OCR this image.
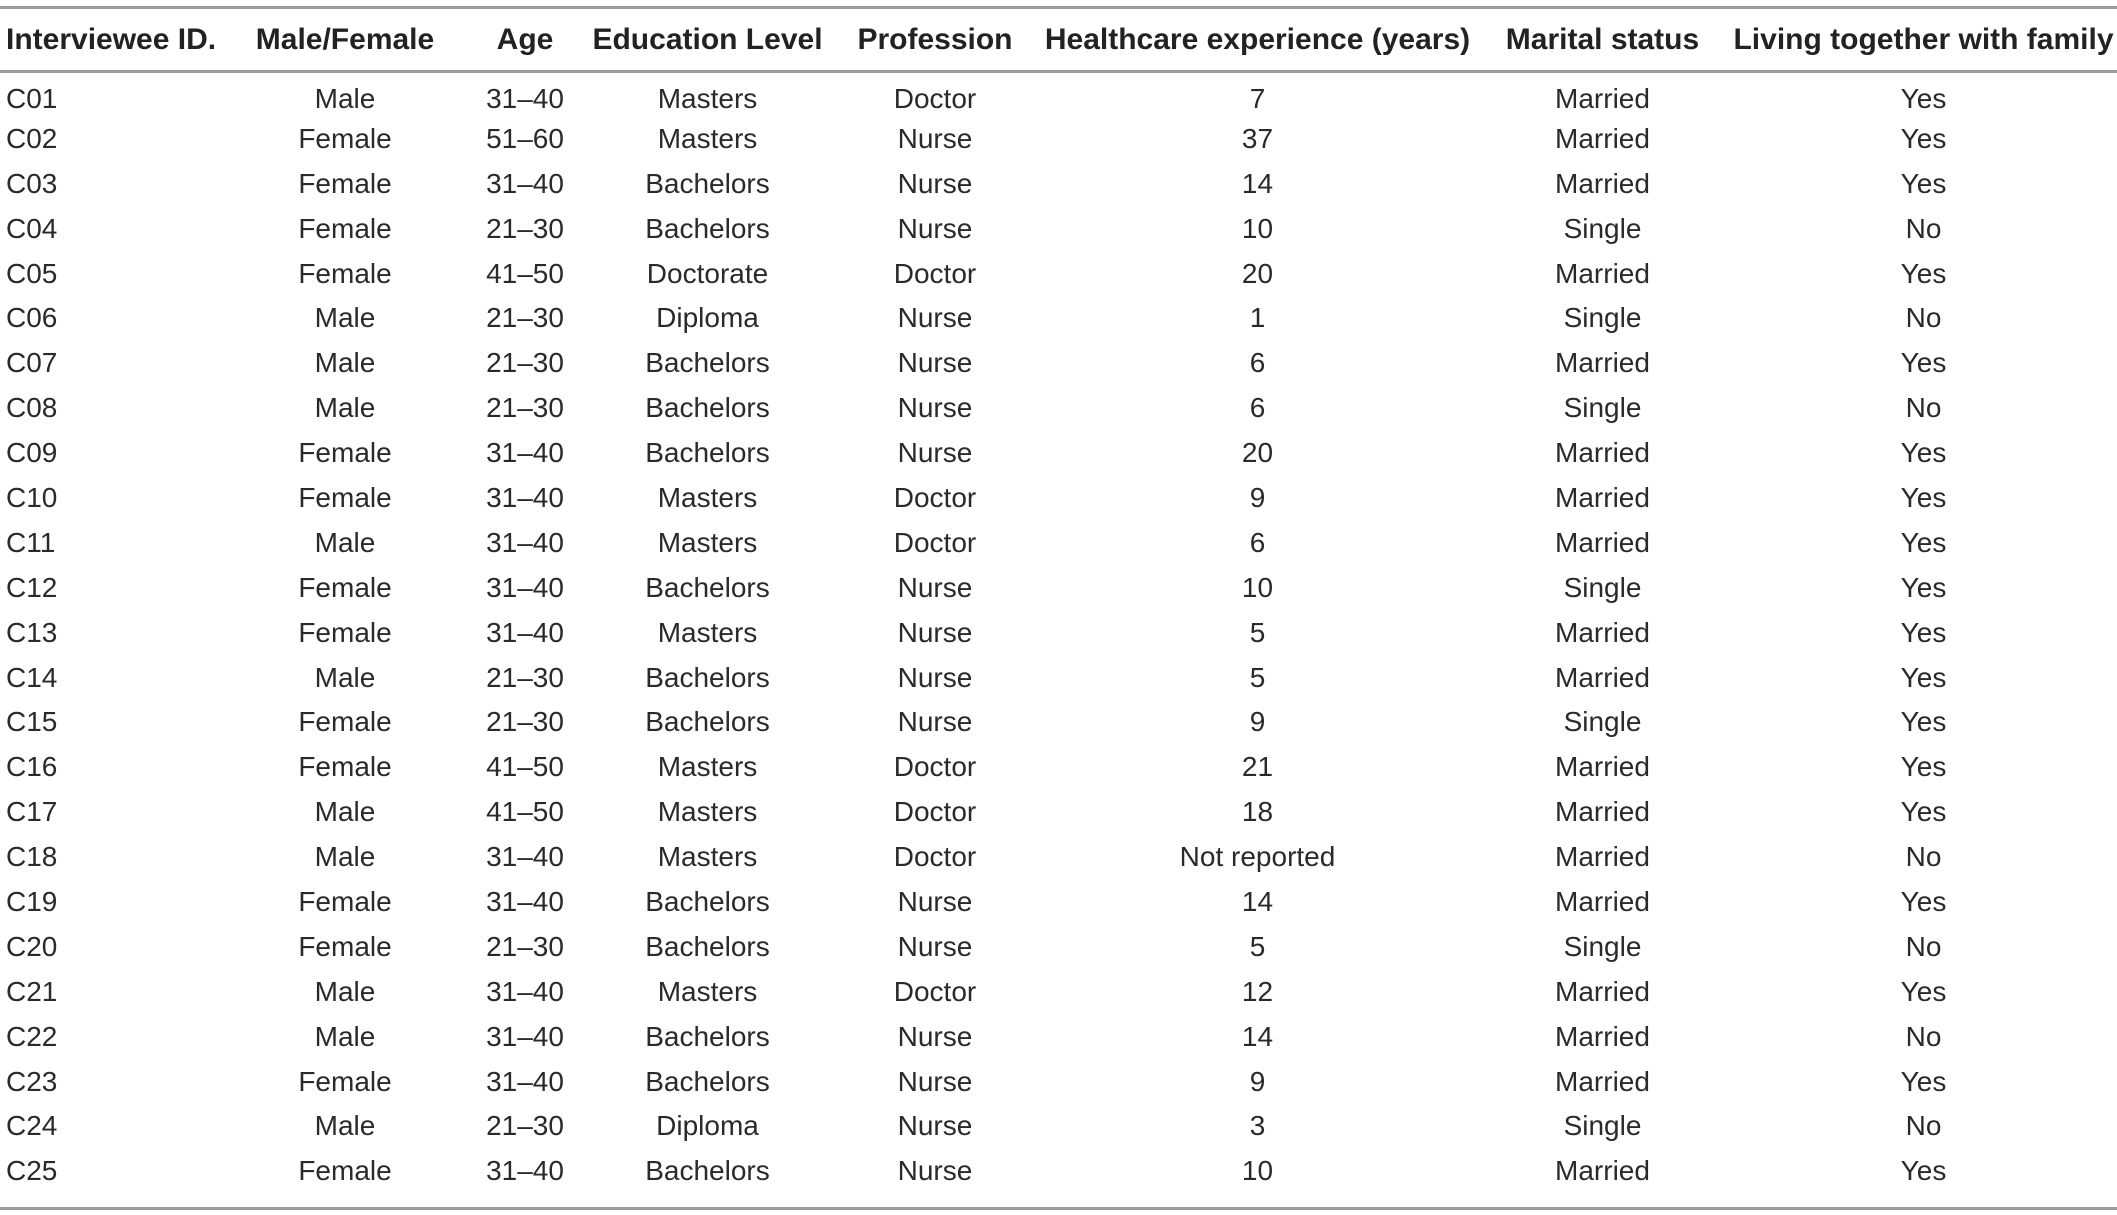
Interviewee ID.	Male/Female	Age	Education Level	Profession	Healthcare experience (years)	Marital status	Living together with family
C01	Male	31–40	Masters	Doctor	7	Married	Yes
C02	Female	51–60	Masters	Nurse	37	Married	Yes
C03	Female	31–40	Bachelors	Nurse	14	Married	Yes
C04	Female	21–30	Bachelors	Nurse	10	Single	No
C05	Female	41–50	Doctorate	Doctor	20	Married	Yes
C06	Male	21–30	Diploma	Nurse	1	Single	No
C07	Male	21–30	Bachelors	Nurse	6	Married	Yes
C08	Male	21–30	Bachelors	Nurse	6	Single	No
C09	Female	31–40	Bachelors	Nurse	20	Married	Yes
C10	Female	31–40	Masters	Doctor	9	Married	Yes
C11	Male	31–40	Masters	Doctor	6	Married	Yes
C12	Female	31–40	Bachelors	Nurse	10	Single	Yes
C13	Female	31–40	Masters	Nurse	5	Married	Yes
C14	Male	21–30	Bachelors	Nurse	5	Married	Yes
C15	Female	21–30	Bachelors	Nurse	9	Single	Yes
C16	Female	41–50	Masters	Doctor	21	Married	Yes
C17	Male	41–50	Masters	Doctor	18	Married	Yes
C18	Male	31–40	Masters	Doctor	Not reported	Married	No
C19	Female	31–40	Bachelors	Nurse	14	Married	Yes
C20	Female	21–30	Bachelors	Nurse	5	Single	No
C21	Male	31–40	Masters	Doctor	12	Married	Yes
C22	Male	31–40	Bachelors	Nurse	14	Married	No
C23	Female	31–40	Bachelors	Nurse	9	Married	Yes
C24	Male	21–30	Diploma	Nurse	3	Single	No
C25	Female	31–40	Bachelors	Nurse	10	Married	Yes
